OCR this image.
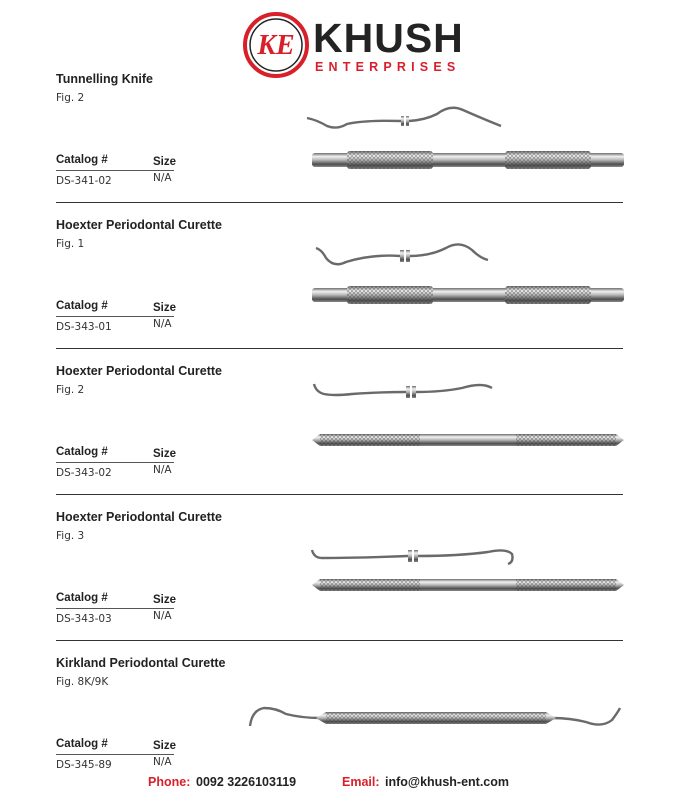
KE KHUSH
ENTERPRISES
Tunnelling Knife
Fig. 2
Catalog #	Size
DS-341-02	N/A
Hoexter Periodontal Curette
Fig. 1
Catalog #	Size
DS-343-01	N/A
Hoexter Periodontal Curette
Fig. 2
Catalog #	Size
DS-343-02	N/A
Hoexter Periodontal Curette
Fig. 3
Catalog #	Size
DS-343-03	N/A
Kirkland Periodontal Curette
Fig. 8K/9K
Catalog #	Size
DS-345-89	N/A
Phone: 0092 3226103119	Email: info@khush-ent.com
